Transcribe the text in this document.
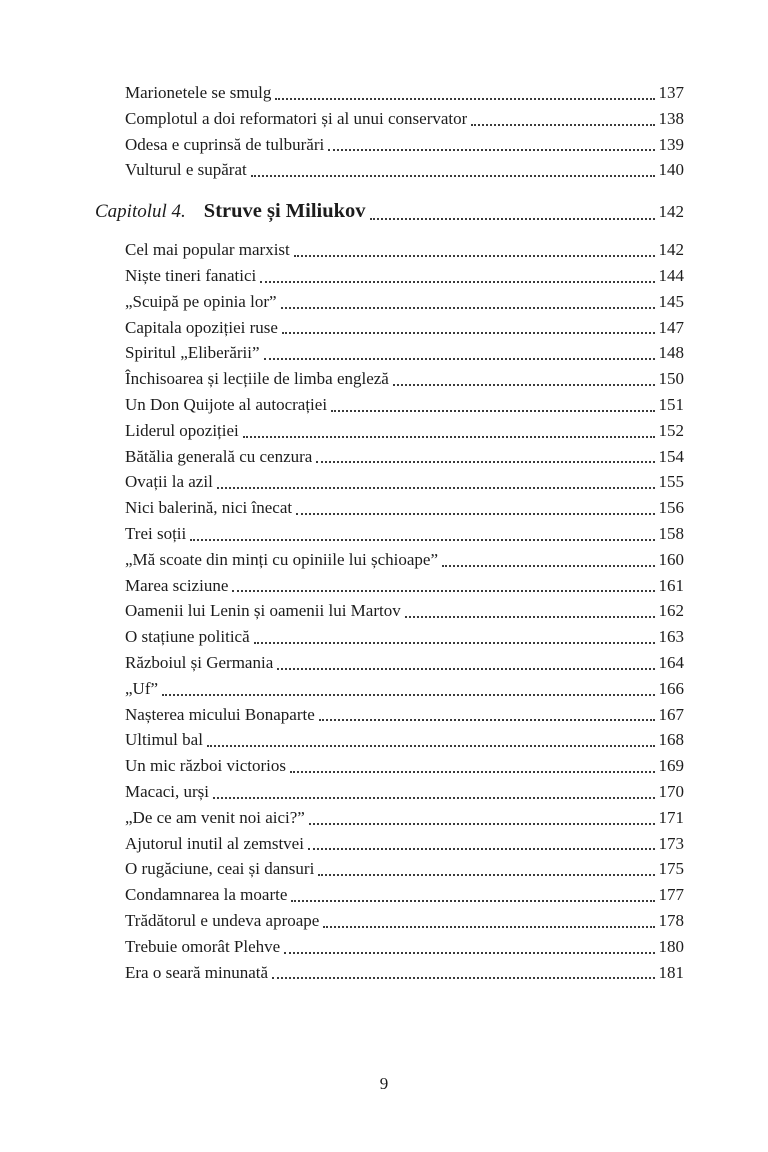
Marionetele se smulg	137
Complotul a doi reformatori și al unui conservator	138
Odesa e cuprinsă de tulburări	139
Vulturul e supărat	140
Capitolul 4. Struve și Miliukov	142
Cel mai popular marxist	142
Niște tineri fanatici	144
„Scuipă pe opinia lor”	145
Capitala opoziției ruse	147
Spiritul „Eliberării”	148
Închisoarea și lecțiile de limba engleză	150
Un Don Quijote al autocrației	151
Liderul opoziției	152
Bătălia generală cu cenzura	154
Ovații la azil	155
Nici balerină, nici înecat	156
Trei soții	158
„Mă scoate din minți cu opiniile lui șchioape”	160
Marea sciziune	161
Oamenii lui Lenin și oamenii lui Martov	162
O stațiune politică	163
Războiul și Germania	164
„Uf”	166
Nașterea micului Bonaparte	167
Ultimul bal	168
Un mic război victorios	169
Macaci, urși	170
„De ce am venit noi aici?”	171
Ajutorul inutil al zemstvei	173
O rugăciune, ceai și dansuri	175
Condamnarea la moarte	177
Trădătorul e undeva aproape	178
Trebuie omorât Plehve	180
Era o seară minunată	181
9
